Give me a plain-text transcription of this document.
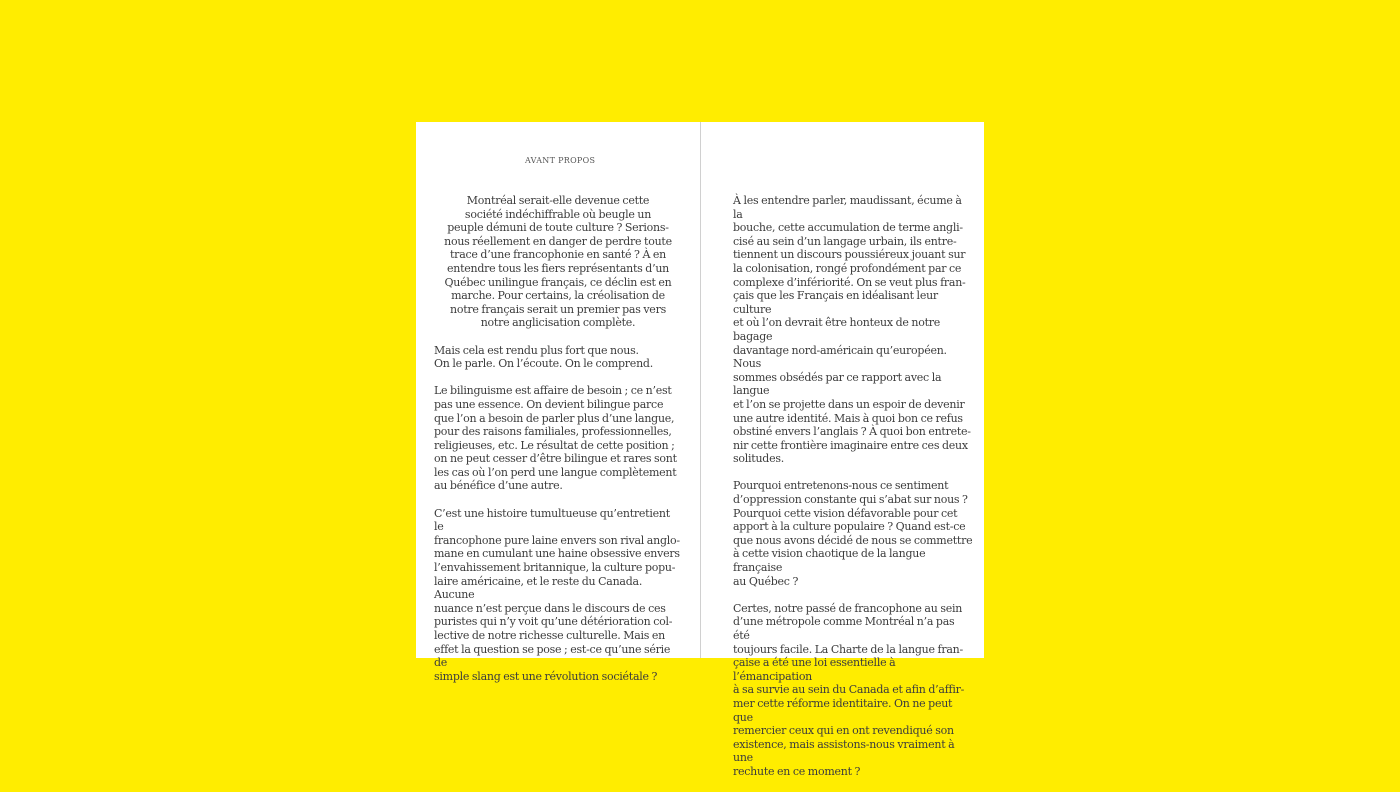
AVANT PROPOS

Montréal serait-elle devenue cette
société indéchiffrable où beugle un
peuple démuni de toute culture ? Serions-
nous réellement en danger de perdre toute
trace d’une francophonie en santé ? À en
entendre tous les fiers représentants d’un
Québec unilingue français, ce déclin est en
marche. Pour certains, la créolisation de
notre français serait un premier pas vers
notre anglicisation complète.

Mais cela est rendu plus fort que nous.
On le parle. On l’écoute. On le comprend.

Le bilinguisme est affaire de besoin ; ce n’est
pas une essence. On devient bilingue parce
que l’on a besoin de parler plus d’une langue,
pour des raisons familiales, professionnelles,
religieuses, etc. Le résultat de cette position ;
on ne peut cesser d’être bilingue et rares sont
les cas où l’on perd une langue complètement
au bénéfice d’une autre.

C’est une histoire tumultueuse qu’entretient le
francophone pure laine envers son rival anglo-
mane en cumulant une haine obsessive envers
l’envahissement britannique, la culture popu-
laire américaine, et le reste du Canada. Aucune
nuance n’est perçue dans le discours de ces
puristes qui n’y voit qu’une détérioration col-
lective de notre richesse culturelle. Mais en
effet la question se pose ; est-ce qu’une série de
simple slang est une révolution sociétale ?

À les entendre parler, maudissant, écume à la
bouche, cette accumulation de terme angli-
cisé au sein d’un langage urbain, ils entre-
tiennent un discours poussiéreux jouant sur
la colonisation, rongé profondément par ce
complexe d’infériorité. On se veut plus fran-
çais que les Français en idéalisant leur culture
et où l’on devrait être honteux de notre bagage
davantage nord-américain qu’européen. Nous
sommes obsédés par ce rapport avec la langue
et l’on se projette dans un espoir de devenir
une autre identité. Mais à quoi bon ce refus
obstiné envers l’anglais ? À quoi bon entrete-
nir cette frontière imaginaire entre ces deux
solitudes.

Pourquoi entretenons-nous ce sentiment
d’oppression constante qui s’abat sur nous ?
Pourquoi cette vision défavorable pour cet
apport à la culture populaire ? Quand est-ce
que nous avons décidé de nous se commettre
à cette vision chaotique de la langue française
au Québec ?

Certes, notre passé de francophone au sein
d’une métropole comme Montréal n’a pas été
toujours facile. La Charte de la langue fran-
çaise a été une loi essentielle à l’émancipation
à sa survie au sein du Canada et afin d’affir-
mer cette réforme identitaire. On ne peut que
remercier ceux qui en ont revendiqué son
existence, mais assistons-nous vraiment à une
rechute en ce moment ?
